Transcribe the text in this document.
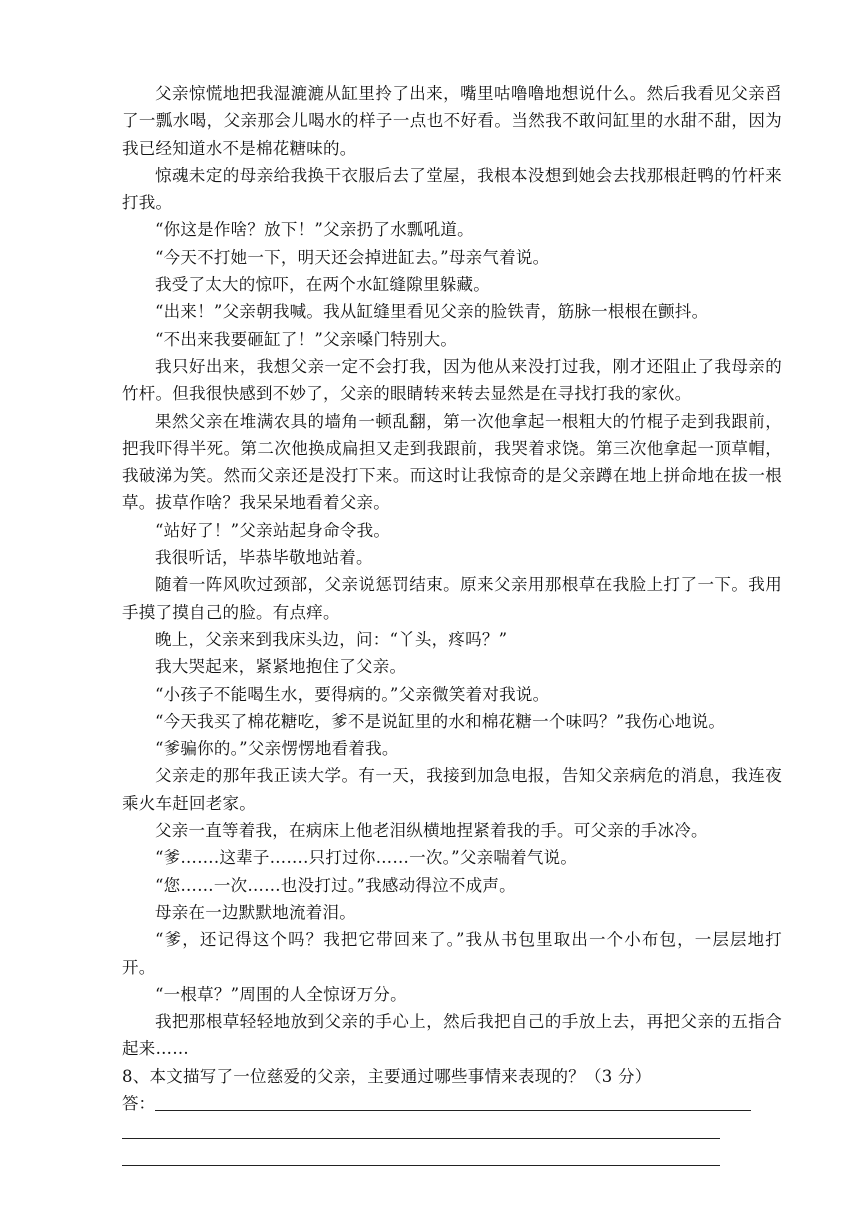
父亲惊慌地把我湿漉漉从缸里拎了出来，嘴里咕噜噜地想说什么。然后我看见父亲舀了一瓢水喝，父亲那会儿喝水的样子一点也不好看。当然我不敢问缸里的水甜不甜，因为我已经知道水不是棉花糖味的。

惊魂未定的母亲给我换干衣服后去了堂屋，我根本没想到她会去找那根赶鸭的竹杆来打我。

“你这是作啥？放下！”父亲扔了水瓢吼道。

“今天不打她一下，明天还会掉进缸去。”母亲气着说。

我受了太大的惊吓，在两个水缸缝隙里躲藏。

“出来！”父亲朝我喊。我从缸缝里看见父亲的脸铁青，筋脉一根根在颤抖。

“不出来我要砸缸了！”父亲嗓门特别大。

我只好出来，我想父亲一定不会打我，因为他从来没打过我，刚才还阻止了我母亲的竹杆。但我很快感到不妙了，父亲的眼睛转来转去显然是在寻找打我的家伙。

果然父亲在堆满农具的墙角一顿乱翻，第一次他拿起一根粗大的竹棍子走到我跟前，把我吓得半死。第二次他换成扁担又走到我跟前，我哭着求饶。第三次他拿起一顶草帽，我破涕为笑。然而父亲还是没打下来。而这时让我惊奇的是父亲蹲在地上拼命地在拔一根草。拔草作啥？我呆呆地看着父亲。

“站好了！”父亲站起身命令我。

我很听话，毕恭毕敬地站着。

随着一阵风吹过颈部，父亲说惩罚结束。原来父亲用那根草在我脸上打了一下。我用手摸了摸自己的脸。有点痒。

晚上，父亲来到我床头边，问：“丫头，疼吗？”

我大哭起来，紧紧地抱住了父亲。

“小孩子不能喝生水，要得病的。”父亲微笑着对我说。

“今天我买了棉花糖吃，爹不是说缸里的水和棉花糖一个味吗？”我伤心地说。

“爹骗你的。”父亲愣愣地看着我。

父亲走的那年我正读大学。有一天，我接到加急电报，告知父亲病危的消息，我连夜乘火车赶回老家。

父亲一直等着我，在病床上他老泪纵横地捏紧着我的手。可父亲的手冰冷。

“爹…….这辈子…….只打过你……一次。”父亲喘着气说。

“您……一次……也没打过。”我感动得泣不成声。

母亲在一边默默地流着泪。

“爹，还记得这个吗？我把它带回来了。”我从书包里取出一个小布包，一层层地打开。

“一根草？”周围的人全惊讶万分。

我把那根草轻轻地放到父亲的手心上，然后我把自己的手放上去，再把父亲的五指合起来……

8、本文描写了一位慈爱的父亲，主要通过哪些事情来表现的？（3 分）

答：
